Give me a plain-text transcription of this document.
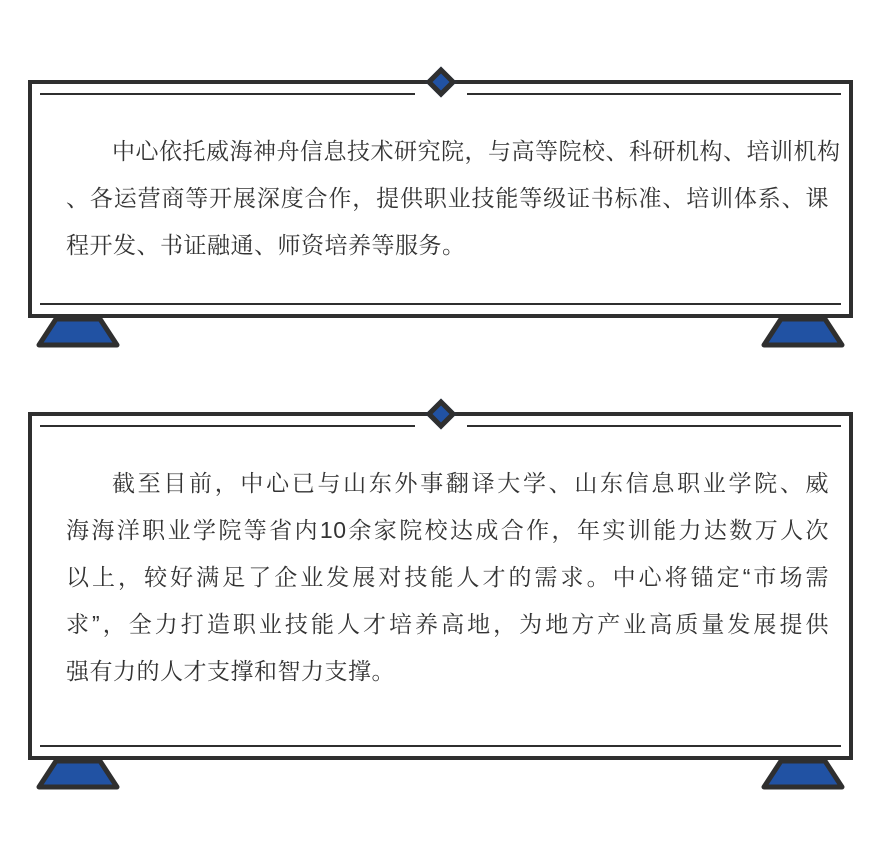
中心依托威海神舟信息技术研究院，与高等院校、科研机构、培训机构
、各运营商等开展深度合作，提供职业技能等级证书标准、培训体系、课
程开发、书证融通、师资培养等服务。
截至目前，中心已与山东外事翻译大学、山东信息职业学院、威
海海洋职业学院等省内10余家院校达成合作，年实训能力达数万人次
以上，较好满足了企业发展对技能人才的需求。中心将锚定“市场需
求”，全力打造职业技能人才培养高地，为地方产业高质量发展提供
强有力的人才支撑和智力支撑。
